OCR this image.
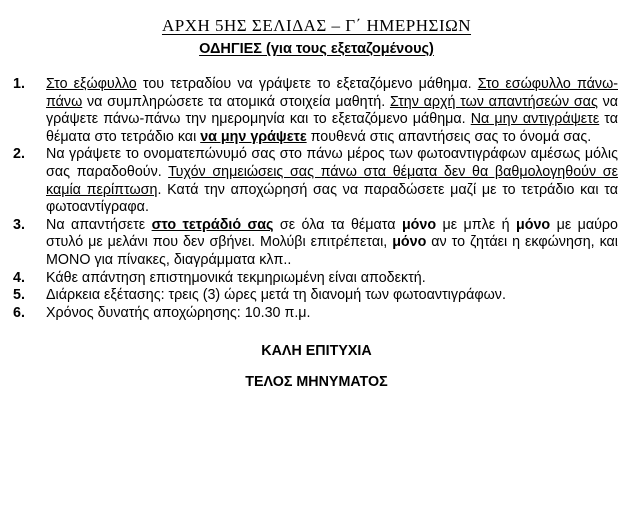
ΑΡΧΗ 5ΗΣ ΣΕΛΙΔΑΣ – Γ΄ ΗΜΕΡΗΣΙΩΝ
ΟΔΗΓΙΕΣ (για τους εξεταζομένους)
1.	Στο εξώφυλλο του τετραδίου να γράψετε το εξεταζόμενο μάθημα. Στο εσώφυλλο πάνω-πάνω να συμπληρώσετε τα ατομικά στοιχεία μαθητή. Στην αρχή των απαντήσεών σας να γράψετε πάνω-πάνω την ημερομηνία και το εξεταζόμενο μάθημα. Να μην αντιγράψετε τα θέματα στο τετράδιο και να μην γράψετε πουθενά στις απαντήσεις σας το όνομά σας.
2.	Να γράψετε το ονοματεπώνυμό σας στο πάνω μέρος των φωτοαντιγράφων αμέσως μόλις σας παραδοθούν. Τυχόν σημειώσεις σας πάνω στα θέματα δεν θα βαθμολογηθούν σε καμία περίπτωση. Κατά την αποχώρησή σας να παραδώσετε μαζί με το τετράδιο και τα φωτοαντίγραφα.
3.	Να απαντήσετε στο τετράδιό σας σε όλα τα θέματα μόνο με μπλε ή μόνο με μαύρο στυλό με μελάνι που δεν σβήνει. Μολύβι επιτρέπεται, μόνο αν το ζητάει η εκφώνηση, και ΜΟΝΟ για πίνακες, διαγράμματα κλπ..
4.	Κάθε απάντηση επιστημονικά τεκμηριωμένη είναι αποδεκτή.
5.	Διάρκεια εξέτασης: τρεις (3) ώρες μετά τη διανομή των φωτοαντιγράφων.
6.	Χρόνος δυνατής αποχώρησης: 10.30 π.μ.
ΚΑΛΗ ΕΠΙΤΥΧΙΑ
ΤΕΛΟΣ ΜΗΝΥΜΑΤΟΣ
